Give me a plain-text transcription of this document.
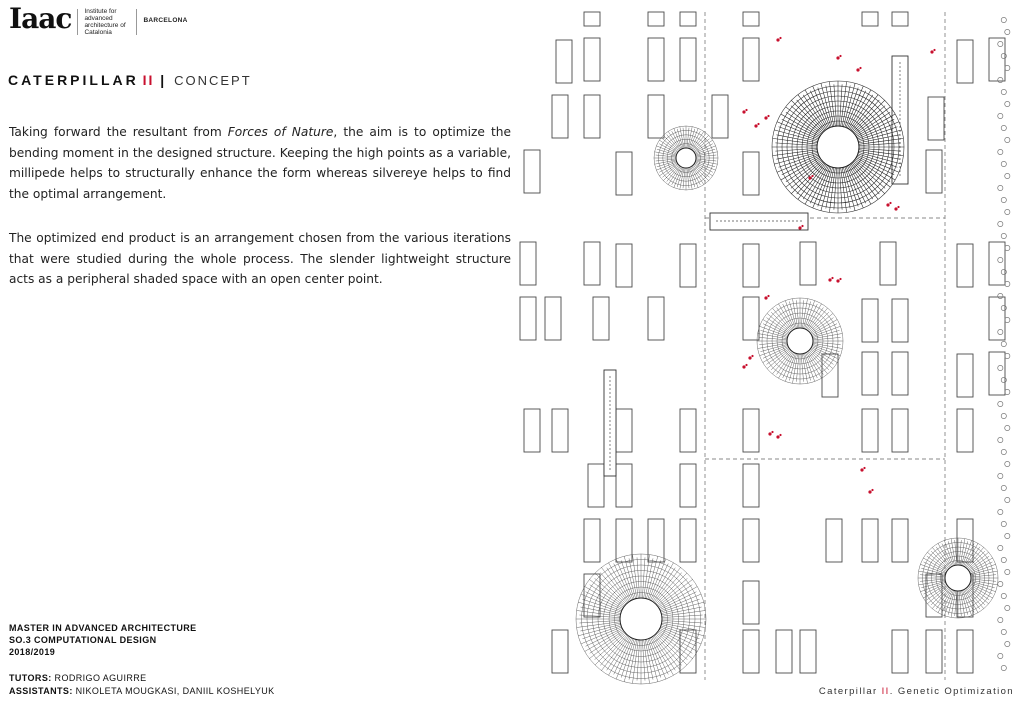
Iaac Institute for advanced architecture of Catalonia
BARCELONA
CATERPILLAR II | CONCEPT

Taking forward the resultant from Forces of Nature, the aim is to optimize the bending moment in the designed structure. Keeping the high points as a variable, millipede helps to structurally enhance the form whereas silvereye helps to find the optimal arrangement.

The optimized end product is an arrangement chosen from the various iterations that were studied during the whole process. The slender lightweight structure acts as a peripheral shaded space with an open center point.

MASTER IN ADVANCED ARCHITECTURE
SO.3 COMPUTATIONAL DESIGN
2018/2019
TUTORS: RODRIGO AGUIRRE
ASSISTANTS: NIKOLETA MOUGKASI, DANIIL KOSHELYUK	Caterpillar II. Genetic Optimization
